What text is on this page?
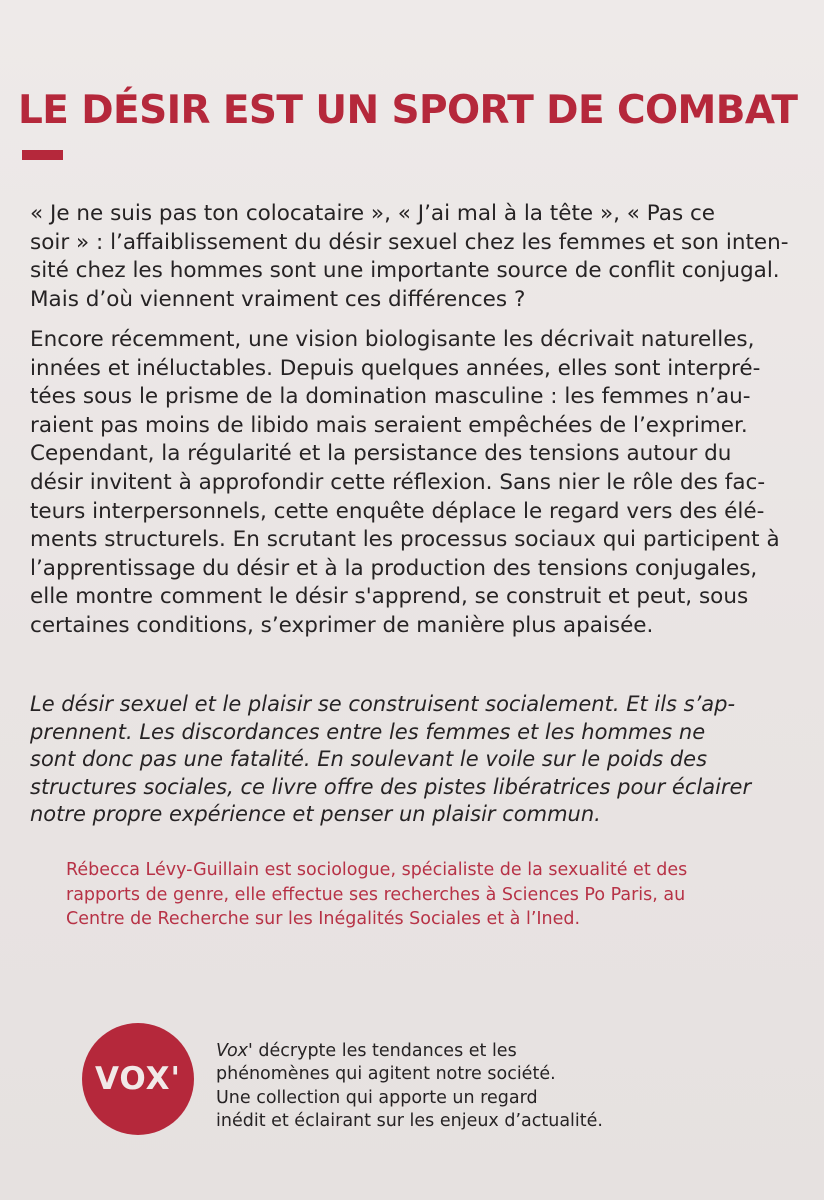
LE DÉSIR EST UN SPORT DE COMBAT

« Je ne suis pas ton colocataire », « J’ai mal à la tête », « Pas ce
soir » : l’affaiblissement du désir sexuel chez les femmes et son inten-
sité chez les hommes sont une importante source de conflit conjugal.
Mais d’où viennent vraiment ces différences ?

Encore récemment, une vision biologisante les décrivait naturelles,
innées et inéluctables. Depuis quelques années, elles sont interpré-
tées sous le prisme de la domination masculine : les femmes n’au-
raient pas moins de libido mais seraient empêchées de l’exprimer.
Cependant, la régularité et la persistance des tensions autour du
désir invitent à approfondir cette réflexion. Sans nier le rôle des fac-
teurs interpersonnels, cette enquête déplace le regard vers des élé-
ments structurels. En scrutant les processus sociaux qui participent à
l’apprentissage du désir et à la production des tensions conjugales,
elle montre comment le désir s'apprend, se construit et peut, sous
certaines conditions, s’exprimer de manière plus apaisée.

Le désir sexuel et le plaisir se construisent socialement. Et ils s’ap-
prennent. Les discordances entre les femmes et les hommes ne
sont donc pas une fatalité. En soulevant le voile sur le poids des
structures sociales, ce livre offre des pistes libératrices pour éclairer
notre propre expérience et penser un plaisir commun.

Rébecca Lévy-Guillain est sociologue, spécialiste de la sexualité et des
rapports de genre, elle effectue ses recherches à Sciences Po Paris, au
Centre de Recherche sur les Inégalités Sociales et à l’Ined.

VOX'

Vox' décrypte les tendances et les
phénomènes qui agitent notre société.
Une collection qui apporte un regard
inédit et éclairant sur les enjeux d’actualité.
